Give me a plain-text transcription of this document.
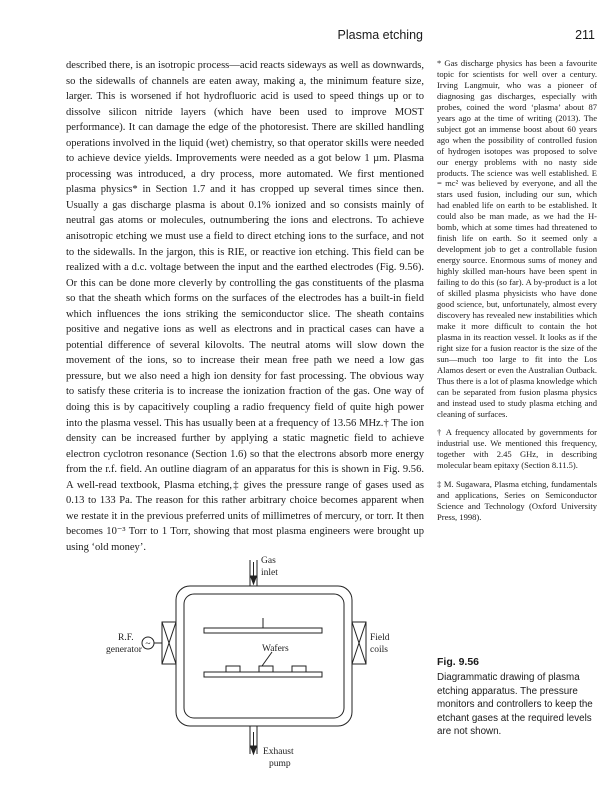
Plasma etching	211

described there, is an isotropic process—acid reacts sideways as well as downwards, so the sidewalls of channels are eaten away, making a, the minimum feature size, larger. This is worsened if hot hydrofluoric acid is used to speed things up or to dissolve silicon nitride layers (which have been used to improve MOST performance). It can damage the edge of the photoresist. There are skilled handling operations involved in the liquid (wet) chemistry, so that operator skills were needed to achieve device yields. Improvements were needed as a got below 1 µm. Plasma processing was introduced, a dry process, more automated. We first mentioned plasma physics* in Section 1.7 and it has cropped up several times since then. Usually a gas discharge plasma is about 0.1% ionized and so consists mainly of neutral gas atoms or molecules, outnumbering the ions and electrons. To achieve anisotropic etching we must use a field to direct etching ions to the surface, and not to the sidewalls. In the jargon, this is RIE, or reactive ion etching. This field can be realized with a d.c. voltage between the input and the earthed electrodes (Fig. 9.56). Or this can be done more cleverly by controlling the gas constituents of the plasma so that the sheath which forms on the surfaces of the electrodes has a built-in field which influences the ions striking the semiconductor slice. The sheath contains positive and negative ions as well as electrons and in practical cases can have a potential difference of several kilovolts. The neutral atoms will slow down the movement of the ions, so to increase their mean free path we need a low gas pressure, but we also need a high ion density for fast processing. The obvious way to satisfy these criteria is to increase the ionization fraction of the gas. One way of doing this is by capacitively coupling a radio frequency field of quite high power into the plasma vessel. This has usually been at a frequency of 13.56 MHz.† The ion density can be increased further by applying a static magnetic field to achieve electron cyclotron resonance (Section 1.6) so that the electrons absorb more energy from the r.f. field. An outline diagram of an apparatus for this is shown in Fig. 9.56. A well-read textbook, Plasma etching,‡ gives the pressure range of gases used as 0.13 to 133 Pa. The reason for this rather arbitrary choice becomes apparent when we restate it in the previous preferred units of millimetres of mercury, or torr. It then becomes 10⁻³ Torr to 1 Torr, showing that most plasma engineers were brought up using ‘old money’.

* Gas discharge physics has been a favourite topic for scientists for well over a century. Irving Langmuir, who was a pioneer of diagnosing gas discharges, especially with probes, coined the word ‘plasma’ about 87 years ago at the time of writing (2013). The subject got an immense boost about 60 years ago when the possibility of controlled fusion of hydrogen isotopes was proposed to solve our energy problems with no nasty side products. The science was well established. E = mc² was believed by everyone, and all the stars used fusion, including our sun, which had enabled life on earth to be established. It could also be man made, as we had the H-bomb, which at some times had threatened to finish life on earth. So it seemed only a development job to get a controllable fusion energy source. Enormous sums of money and highly skilled man-hours have been spent in failing to do this (so far). A by-product is a lot of skilled plasma physicists who have done good science, but, unfortunately, almost every discovery has revealed new instabilities which make it more difficult to contain the hot plasma in its reaction vessel. It looks as if the right size for a fusion reactor is the size of the sun—much too large to fit into the Los Alamos desert or even the Australian Outback. Thus there is a lot of plasma knowledge which can be separated from fusion plasma physics and instead used to study plasma etching and cleaning of surfaces.

† A frequency allocated by governments for industrial use. We mentioned this frequency, together with 2.45 GHz, in describing molecular beam epitaxy (Section 8.11.5).

‡ M. Sugawara, Plasma etching, fundamentals and applications, Series on Semiconductor Science and Technology (Oxford University Press, 1998).

Gas
inlet
R.F.
generator
~	Wafers
Field
coils
Exhaust
pump
Fig. 9.56
Diagrammatic drawing of plasma etching apparatus. The pressure monitors and controllers to keep the etchant gases at the required levels are not shown.
